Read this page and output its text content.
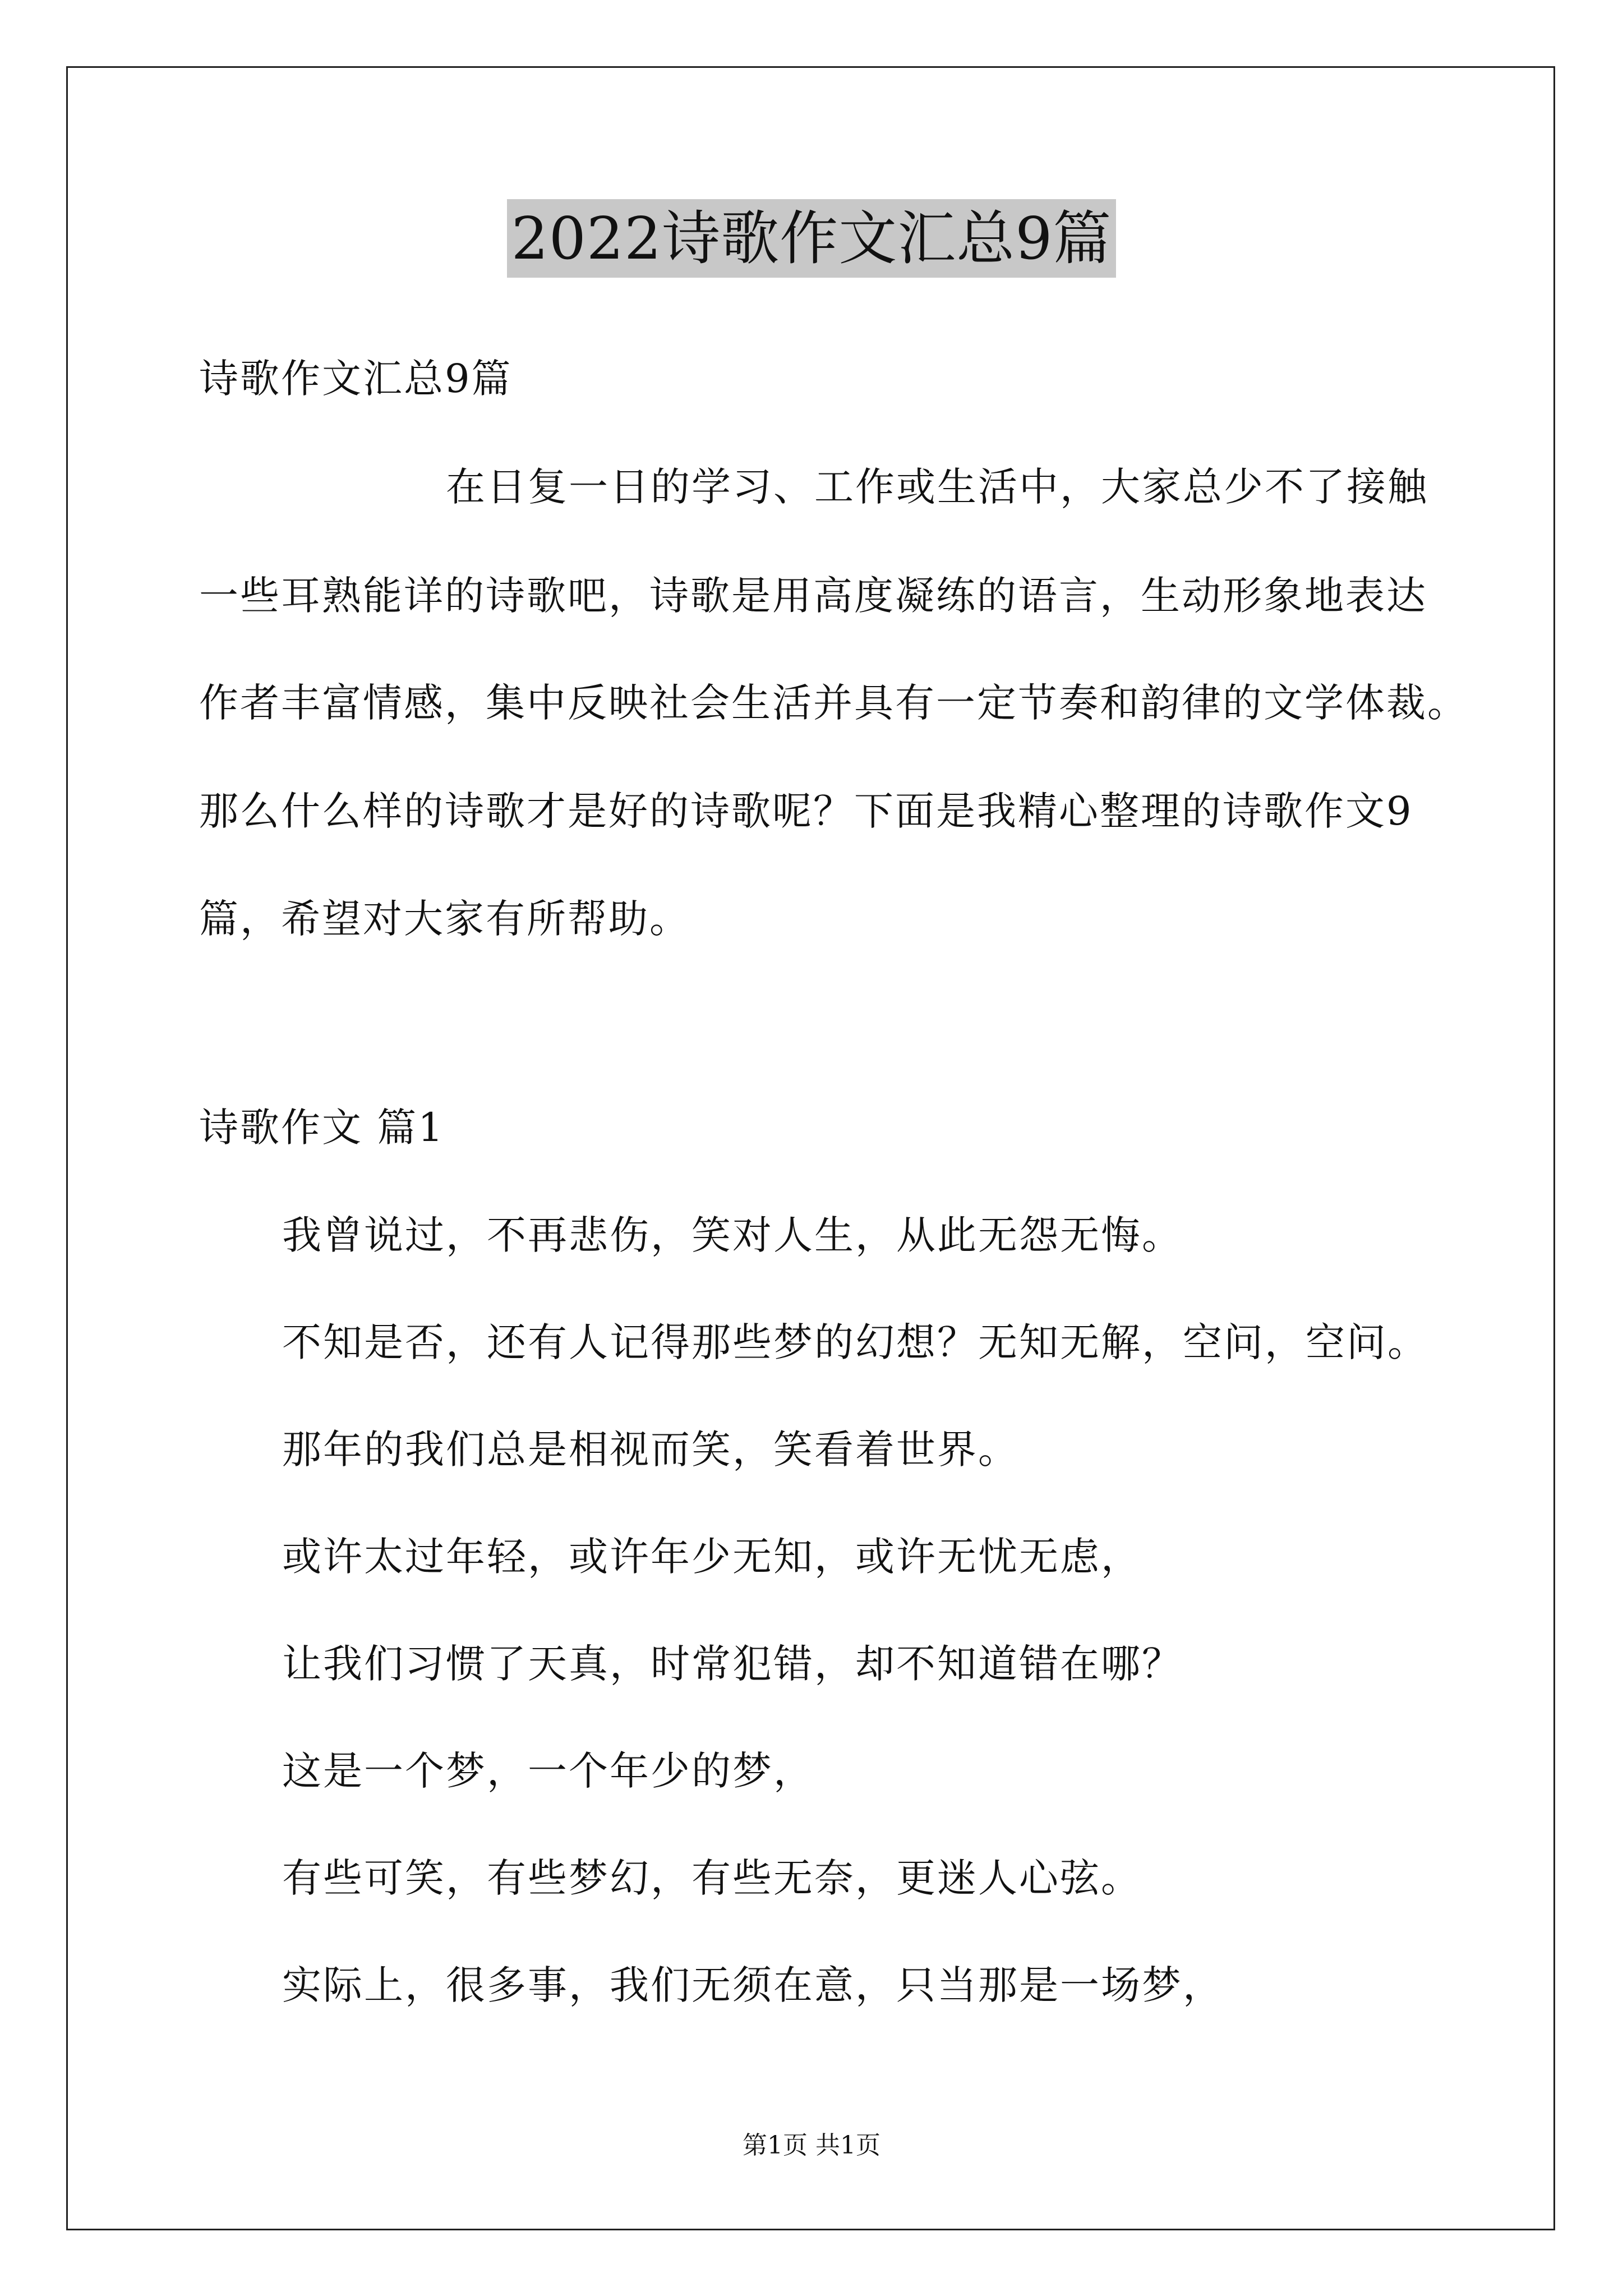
2022诗歌作文汇总9篇
诗歌作文汇总9篇
在日复一日的学习、工作或生活中，大家总少不了接触
一些耳熟能详的诗歌吧，诗歌是用高度凝练的语言，生动形象地表达
作者丰富情感，集中反映社会生活并具有一定节奏和韵律的文学体裁。
那么什么样的诗歌才是好的诗歌呢？下面是我精心整理的诗歌作文9
篇，希望对大家有所帮助。
诗歌作文 篇1
我曾说过，不再悲伤，笑对人生，从此无怨无悔。
不知是否，还有人记得那些梦的幻想？无知无解，空问，空问。
那年的我们总是相视而笑，笑看着世界。
或许太过年轻，或许年少无知，或许无忧无虑，
让我们习惯了天真，时常犯错，却不知道错在哪？
这是一个梦，一个年少的梦，
有些可笑，有些梦幻，有些无奈，更迷人心弦。
实际上，很多事，我们无须在意，只当那是一场梦，
第1页 共1页
